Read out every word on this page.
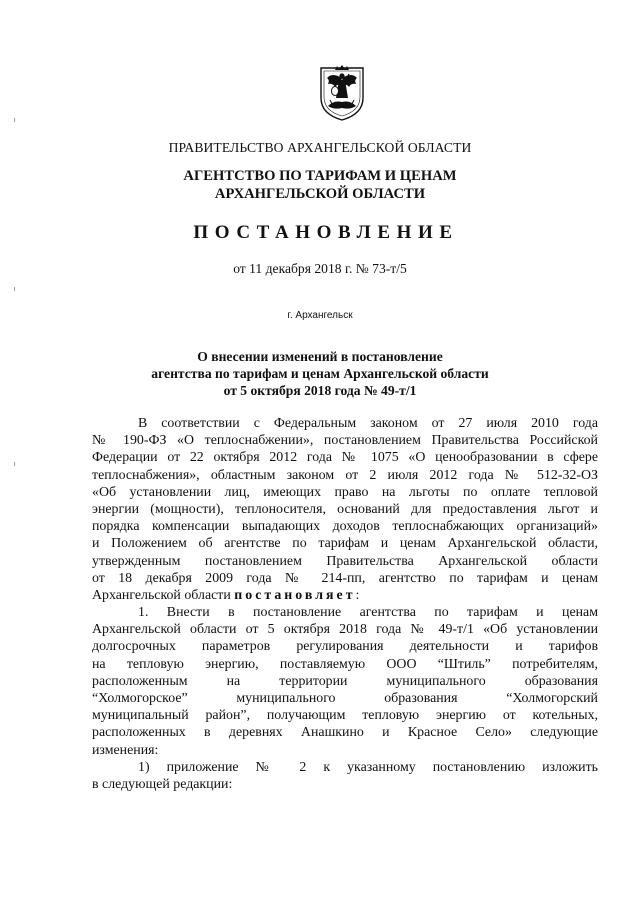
ПРАВИТЕЛЬСТВО АРХАНГЕЛЬСКОЙ ОБЛАСТИ
АГЕНТСТВО ПО ТАРИФАМ И ЦЕНАМ
АРХАНГЕЛЬСКОЙ ОБЛАСТИ
ПОСТАНОВЛЕНИЕ
от 11 декабря 2018 г. № 73-т/5
г. Архангельск
О внесении изменений в постановление
агентства по тарифам и ценам Архангельской области
от 5 октября 2018 года № 49-т/1
В соответствии с Федеральным законом от 27 июля 2010 года
№ 190-ФЗ «О теплоснабжении», постановлением Правительства Российской
Федерации от 22 октября 2012 года № 1075 «О ценообразовании в сфере
теплоснабжения», областным законом от 2 июля 2012 года № 512-32-ОЗ
«Об установлении лиц, имеющих право на льготы по оплате тепловой
энергии (мощности), теплоносителя, оснований для предоставления льгот и
порядка компенсации выпадающих доходов теплоснабжающих организаций»
и Положением об агентстве по тарифам и ценам Архангельской области,
утвержденным постановлением Правительства Архангельской области
от 18 декабря 2009 года № 214-пп, агентство по тарифам и ценам
Архангельской области постановляет:
1. Внести в постановление агентства по тарифам и ценам
Архангельской области от 5 октября 2018 года № 49-т/1 «Об установлении
долгосрочных параметров регулирования деятельности и тарифов
на тепловую энергию, поставляемую ООО “Штиль” потребителям,
расположенным на территории муниципального образования
“Холмогорское” муниципального образования “Холмогорский
муниципальный район”, получающим тепловую энергию от котельных,
расположенных в деревнях Анашкино и Красное Село» следующие
изменения:
1) приложение № 2 к указанному постановлению изложить
в следующей редакции:
